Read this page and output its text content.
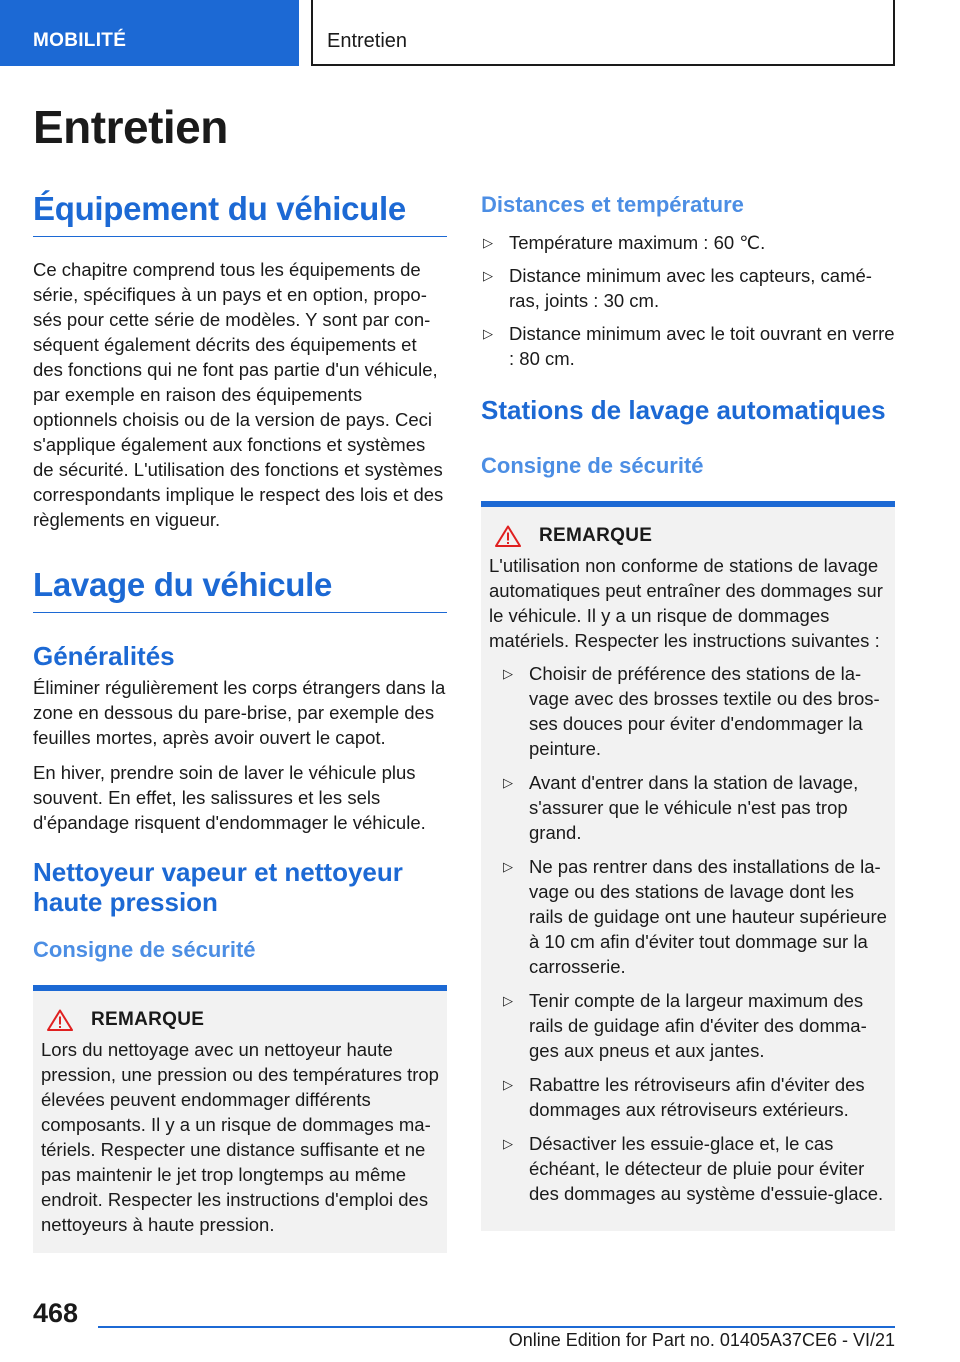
MOBILITÉ	Entretien
Entretien
Équipement du véhicule

Ce chapitre comprend tous les équipements de série, spécifiques à un pays et en option, proposés pour cette série de modèles. Y sont par conséquent également décrits des équipements et des fonctions qui ne font pas partie d'un véhicule, par exemple en raison des équipements optionnels choisis ou de la version de pays. Ceci s'applique également aux fonctions et systèmes de sécurité. L'utilisation des fonctions et systèmes correspondants implique le respect des lois et des règlements en vigueur.

Lavage du véhicule
Généralités

Éliminer régulièrement les corps étrangers dans la zone en dessous du pare-brise, par exemple des feuilles mortes, après avoir ouvert le capot.

En hiver, prendre soin de laver le véhicule plus souvent. En effet, les salissures et les sels d'épandage risquent d'endommager le véhicule.

Nettoyeur vapeur et nettoyeur haute pression
Consigne de sécurité
REMARQUE

Lors du nettoyage avec un nettoyeur haute pression, une pression ou des températures trop élevées peuvent endommager différents composants. Il y a un risque de dommages matériels. Respecter une distance suffisante et ne pas maintenir le jet trop longtemps au même endroit. Respecter les instructions d'emploi des nettoyeurs à haute pression.

Distances et température
▷ Température maximum : 60 ℃.
▷ Distance minimum avec les capteurs, caméras, joints : 30 cm.
▷ Distance minimum avec le toit ouvrant en verre : 80 cm.
Stations de lavage automatiques
Consigne de sécurité
REMARQUE

L'utilisation non conforme de stations de lavage automatiques peut entraîner des dommages sur le véhicule. Il y a un risque de dommages matériels. Respecter les instructions suivantes :

▷ Choisir de préférence des stations de lavage avec des brosses textile ou des brosses douces pour éviter d'endommager la peinture.
▷ Avant d'entrer dans la station de lavage, s'assurer que le véhicule n'est pas trop grand.
▷ Ne pas rentrer dans des installations de lavage ou des stations de lavage dont les rails de guidage ont une hauteur supérieure à 10 cm afin d'éviter tout dommage sur la carrosserie.
▷ Tenir compte de la largeur maximum des rails de guidage afin d'éviter des dommages aux pneus et aux jantes.
▷ Rabattre les rétroviseurs afin d'éviter des dommages aux rétroviseurs extérieurs.
▷ Désactiver les essuie-glace et, le cas échéant, le détecteur de pluie pour éviter des dommages au système d'essuie-glace.
468
Online Edition for Part no. 01405A37CE6 - VI/21
